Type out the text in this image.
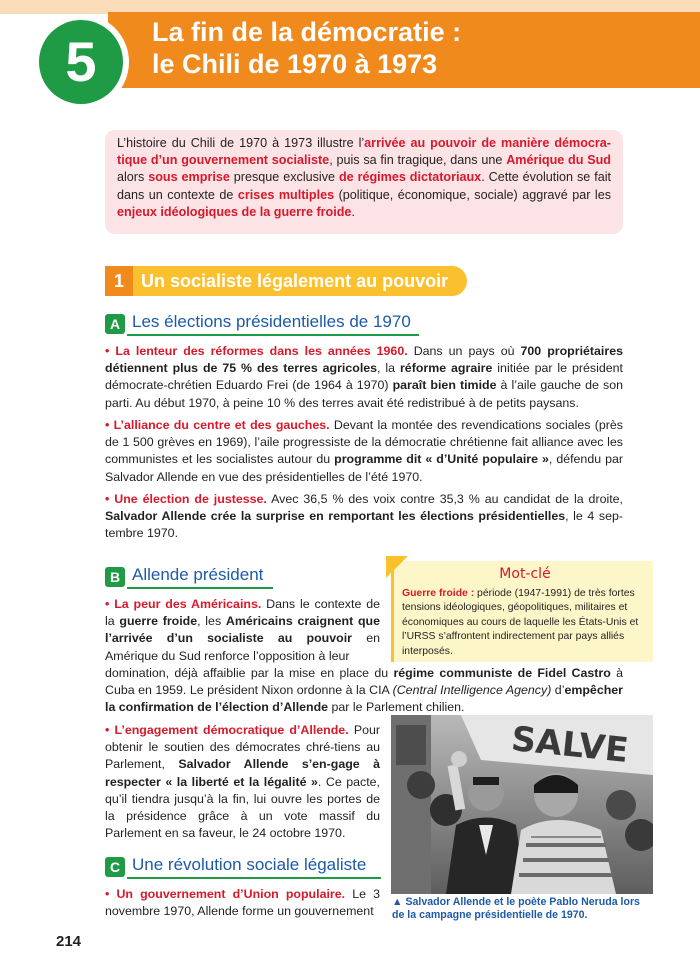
5	La fin de la démocratie :
le Chili de 1970 à 1973
L’histoire du Chili de 1970 à 1973 illustre l’arrivée au pouvoir de manière démocra-tique d’un gouvernement socialiste, puis sa fin tragique, dans une Amérique du Sud alors sous emprise presque exclusive de régimes dictatoriaux. Cette évolution se fait dans un contexte de crises multiples (politique, économique, sociale) aggravé par les enjeux idéologiques de la guerre froide.
1 Un socialiste légalement au pouvoir
A Les élections présidentielles de 1970
• La lenteur des réformes dans les années 1960. Dans un pays où 700 propriétaires détiennent plus de 75 % des terres agricoles, la réforme agraire initiée par le président démocrate-chrétien Eduardo Frei (de 1964 à 1970) paraît bien timide à l’aile gauche de son parti. Au début 1970, à peine 10 % des terres avait été redistribué à de petits paysans.
• L’alliance du centre et des gauches. Devant la montée des revendications sociales (près de 1 500 grèves en 1969), l’aile progressiste de la démocratie chrétienne fait alliance avec les communistes et les socialistes autour du programme dit « d’Unité populaire », défendu par Salvador Allende en vue des présidentielles de l’été 1970.
• Une élection de justesse. Avec 36,5 % des voix contre 35,3 % au candidat de la droite, Salvador Allende crée la surprise en remportant les élections présidentielles, le 4 sep-tembre 1970.
B Allende président
• La peur des Américains. Dans le contexte de la guerre froide, les Américains craignent que l’arrivée d’un socialiste au pouvoir en Amérique du Sud renforce l’opposition à leur
domination, déjà affaiblie par la mise en place du régime communiste de Fidel Castro à Cuba en 1959. Le président Nixon ordonne à la CIA (Central Intelligence Agency) d’empêcher la confirmation de l’élection d’Allende par le Parlement chilien.
• L’engagement démocratique d’Allende. Pour obtenir le soutien des démocrates chré-tiens au Parlement, Salvador Allende s’en-gage à respecter « la liberté et la légalité ». Ce pacte, qu’il tiendra jusqu’à la fin, lui ouvre les portes de la présidence grâce à un vote massif du Parlement en sa faveur, le 24 octobre 1970.
C Une révolution sociale légaliste
• Un gouvernement d’Union populaire. Le 3 novembre 1970, Allende forme un gouvernement
Mot-clé
Guerre froide : période (1947-1991) de très fortes tensions idéologiques, géopolitiques, militaires et économiques au cours de laquelle les États-Unis et l’URSS s’affrontent indirectement par pays alliés interposés.
SALVE
▲ Salvador Allende et le poète Pablo Neruda lors de la campagne présidentielle de 1970.
214
